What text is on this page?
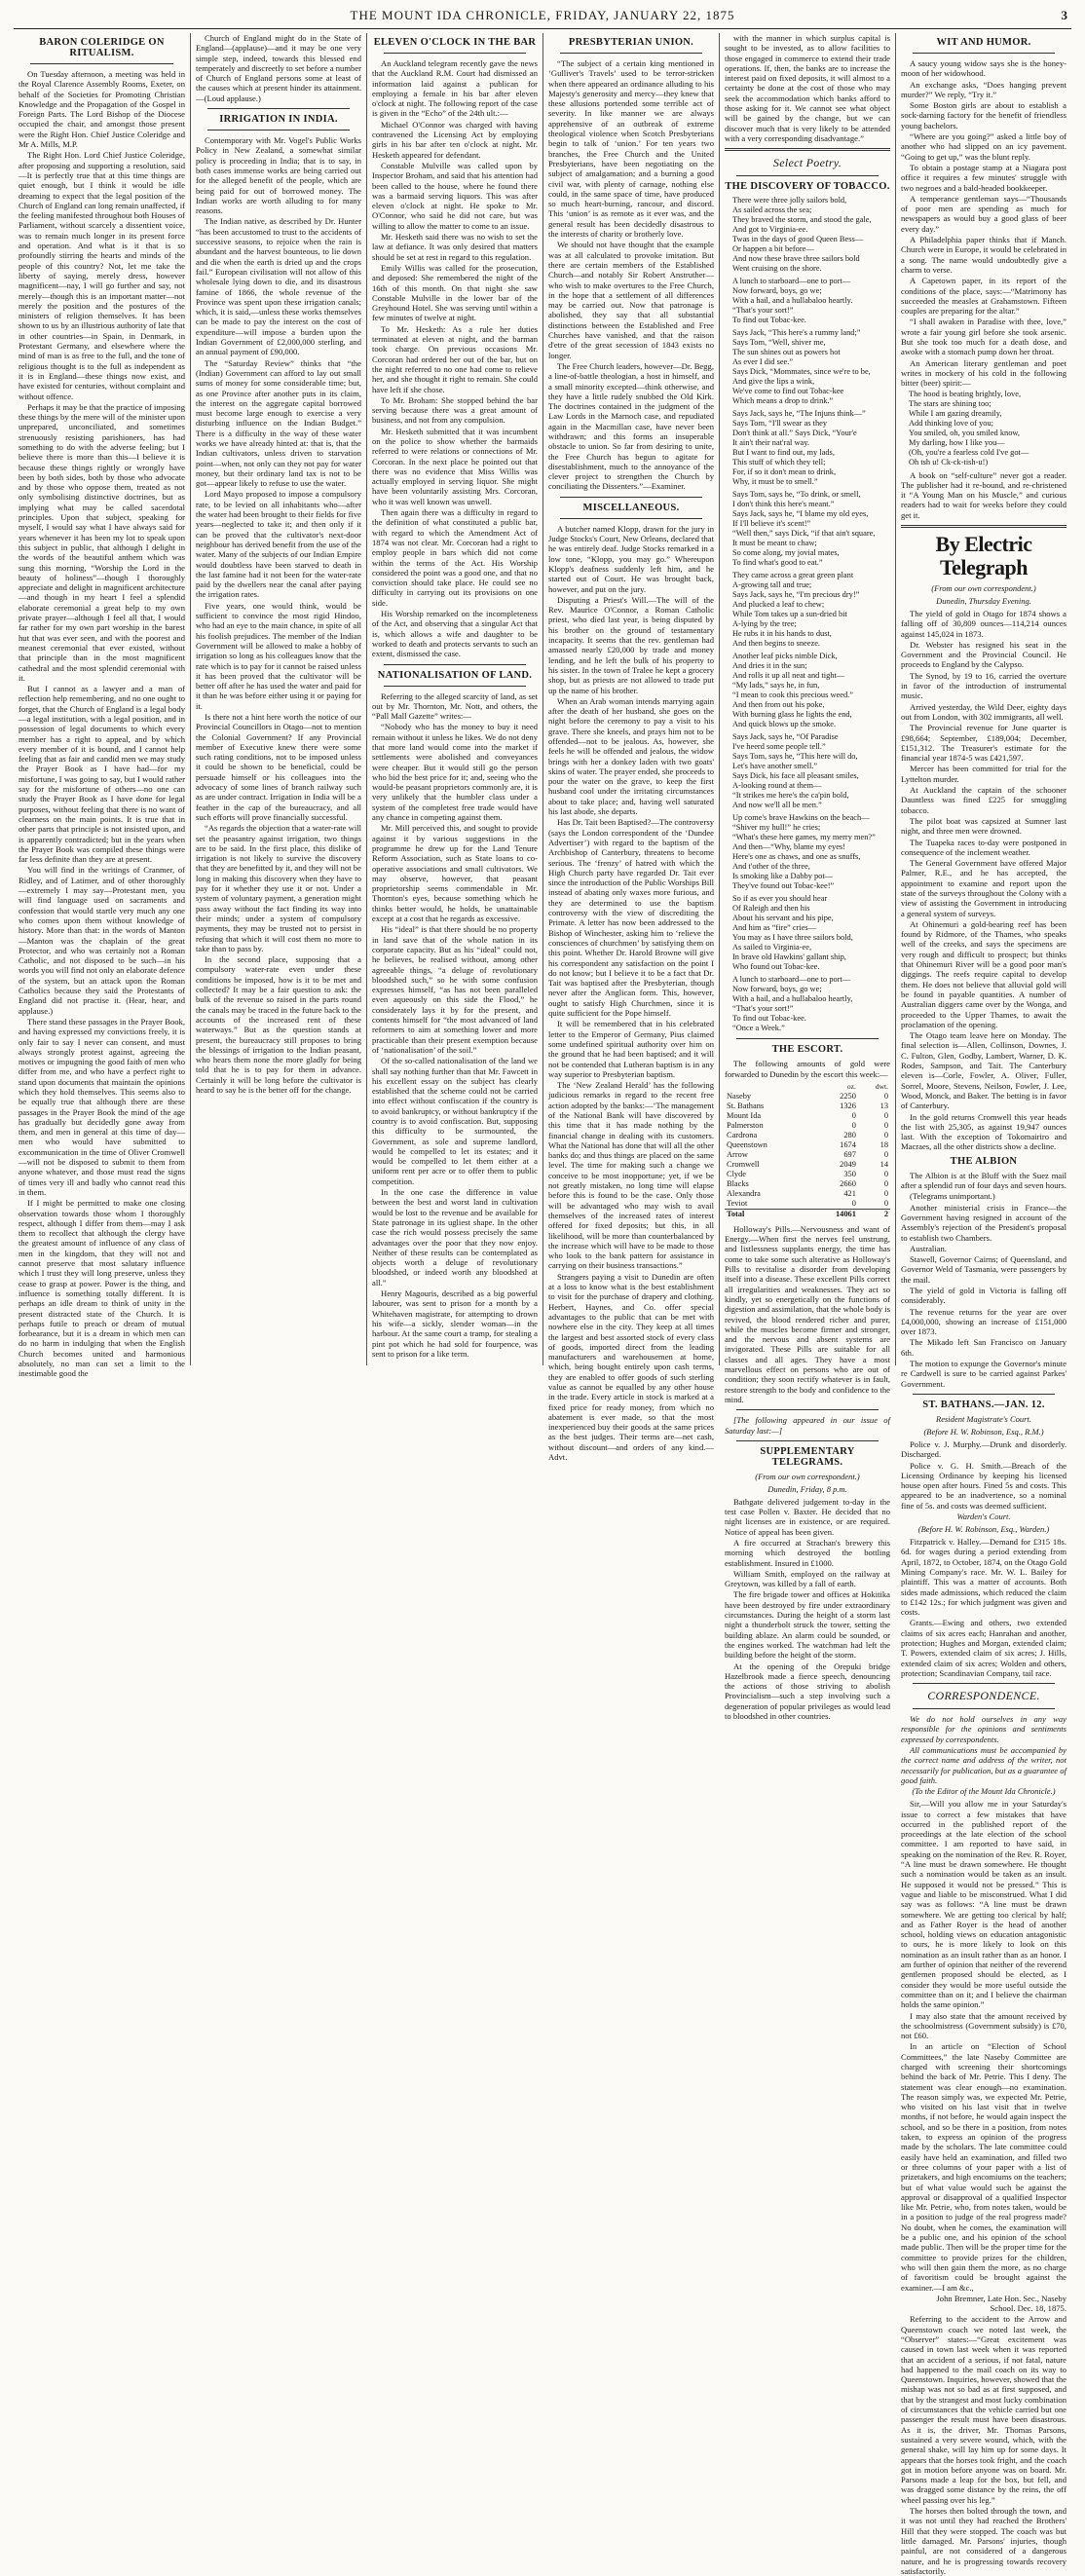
THE MOUNT IDA CHRONICLE, FRIDAY, JANUARY 22, 1875	3
BARON COLERIDGE ON RITUALISM.

On Tuesday afternoon, a meeting was held in the Royal Clarence Assembly Rooms, Exeter, on behalf of the Societies for Promoting Christian Knowledge and the Propagation of the Gospel in Foreign Parts. The Lord Bishop of the Diocese occupied the chair, and amongst those present were the Right Hon. Chief Justice Coleridge and Mr A. Mills, M.P.

The Right Hon. Lord Chief Justice Coleridge, after proposing and supporting a resolution, said—It is perfectly true that at this time things are quiet enough, but I think it would be idle dreaming to expect that the legal position of the Church of England can long remain unaffected, if the feeling manifested throughout both Houses of Parliament, without scarcely a dissentient voice, was to remain much longer in its present force and operation. And what is it that is so profoundly stirring the hearts and minds of the people of this country? Not, let me take the liberty of saying, merely dress, however magnificent—nay, I will go further and say, not merely—though this is an important matter—not merely the position and the postures of the ministers of religion themselves. It has been shown to us by an illustrious authority of late that in other countries—in Spain, in Denmark, in Protestant Germany, and elsewhere where the mind of man is as free to the full, and the tone of religious thought is to the full as independent as it is in England—these things now exist, and have existed for centuries, without complaint and without offence.

Perhaps it may be that the practice of imposing these things by the mere will of the minister upon unprepared, unconciliated, and sometimes strenuously resisting parishioners, has had something to do with the adverse feeling; but I believe there is more than this—I believe it is because these things rightly or wrongly have been by both sides, both by those who advocate and by those who oppose them, treated as not only symbolising distinctive doctrines, but as implying what may be called sacerdotal principles. Upon that subject, speaking for myself, I would say what I have always said for years whenever it has been my lot to speak upon this subject in public, that although I delight in the words of the beautiful anthem which was sung this morning, “Worship the Lord in the beauty of holiness”—though I thoroughly appreciate and delight in magnificent architecture—and though in my heart I feel a splendid elaborate ceremonial a great help to my own private prayer—although I feel all that, I would far rather for my own part worship in the barest hut that was ever seen, and with the poorest and meanest ceremonial that ever existed, without that principle than in the most magnificent cathedral and the most splendid ceremonial with it.

But I cannot as a lawyer and a man of reflection help remembering, and no one ought to forget, that the Church of England is a legal body—a legal institution, with a legal position, and in possession of legal documents to which every member has a right to appeal, and by which every member of it is bound, and I cannot help feeling that as fair and candid men we may study the Prayer Book as I have had—for my misfortune, I was going to say, but I would rather say for the misfortune of others—no one can study the Prayer Book as I have done for legal purposes, without feeling that there is no want of clearness on the main points. It is true that in other parts that principle is not insisted upon, and is apparently contradicted; but in the years when the Prayer Book was compiled these things were far less definite than they are at present.

You will find in the writings of Cranmer, of Ridley, and of Latimer, and of other thoroughly—extremely I may say—Protestant men, you will find language used on sacraments and confession that would startle very much any one who comes upon them without knowledge of history. More than that: in the words of Manton—Manton was the chaplain of the great Protector, and who was certainly not a Roman Catholic, and not disposed to be such—in his words you will find not only an elaborate defence of the system, but an attack upon the Roman Catholics because they said the Protestants of England did not practise it. (Hear, hear, and applause.)

There stand these passages in the Prayer Book, and having expressed my convictions freely, it is only fair to say I never can consent, and must always strongly protest against, agreeing the motives or impugning the good faith of men who differ from me, and who have a perfect right to stand upon documents that maintain the opinions which they hold themselves. This seems also to be equally true that although there are these passages in the Prayer Book the mind of the age has gradually but decidedly gone away from them, and men in general at this time of day—men who would have submitted to excommunication in the time of Oliver Cromwell—will not be disposed to submit to them from anyone whatever, and those must read the signs of times very ill and badly who cannot read this in them.

If I might be permitted to make one closing observation towards those whom I thoroughly respect, although I differ from them—may I ask them to recollect that although the clergy have the greatest amount of influence of any class of men in the kingdom, that they will not and cannot preserve that most salutary influence which I trust they will long preserve, unless they cease to grasp at power. Power is the thing, and influence is something totally different. It is perhaps an idle dream to think of unity in the present distracted state of the Church. It is perhaps futile to preach or dream of mutual forbearance, but it is a dream in which men can do no harm in indulging that when the English Church becomes united and harmonious absolutely, no man can set a limit to the inestimable good the

Church of England might do in the State of England—(applause)—and it may be one very simple step, indeed, towards this blessed end temperately and discreetly to set before a number of Church of England persons some at least of the causes which at present hinder its attainment.—(Loud applause.)

IRRIGATION IN INDIA.

Contemporary with Mr. Vogel's Public Works Policy in New Zealand, a somewhat similar policy is proceeding in India; that is to say, in both cases immense works are being carried out for the alleged benefit of the people, which are being paid for out of borrowed money. The Indian works are worth alluding to for many reasons.

The Indian native, as described by Dr. Hunter “has been accustomed to trust to the accidents of successive seasons, to rejoice when the rain is abundant and the harvest bounteous, to lie down and die when the earth is dried up and the crops fail.” European civilisation will not allow of this wholesale lying down to die, and its disastrous famine of 1866, the whole revenue of the Province was spent upon these irrigation canals; which, it is said,—unless these works themselves can be made to pay the interest on the cost of expenditure—will impose a burden upon the Indian Government of £2,000,000 sterling, and an annual payment of £90,000.

The “Saturday Review” thinks that “the (Indian) Government can afford to lay out small sums of money for some considerable time; but, as one Province after another puts in its claim, the interest on the aggregate capital borrowed must become large enough to exercise a very disturbing influence on the Indian Budget.” There is a difficulty in the way of these water works we have already hinted at: that is, that the Indian cultivators, unless driven to starvation point—when, not only can they not pay for water money, but their ordinary land tax is not to be got—appear likely to refuse to use the water.

Lord Mayo proposed to impose a compulsory rate, to be levied on all inhabitants who—after the water had been brought to their fields for five years—neglected to take it; and then only if it can be proved that the cultivator's next-door neighbour has derived benefit from the use of the water. Many of the subjects of our Indian Empire would doubtless have been starved to death in the last famine had it not been for the water-rate paid by the dwellers near the canal after paying the irrigation rates.

Five years, one would think, would be sufficient to convince the most rigid Hindoo, who had an eye to the main chance, in spite of all his foolish prejudices. The member of the Indian Government will be allowed to make a hobby of irrigation so long as his colleagues know that the rate which is to pay for it cannot be raised unless it has been proved that the cultivator will be better off after he has used the water and paid for it than he was before either using it or paying for it.

Is there not a hint here worth the notice of our Provincial Councillors in Otago—not to mention the Colonial Government? If any Provincial member of Executive knew there were some such rating conditions, not to be imposed unless it could be shown to be beneficial, could be persuade himself or his colleagues into the advocacy of some lines of branch railway such as are under contract. Irrigation in India will be a feather in the cap of the bureaucracy, and all such efforts will prove financially successful.

“As regards the objection that a water-rate will set the peasantry against irrigation, two things are to be said. In the first place, this dislike of irrigation is not likely to survive the discovery that they are benefitted by it, and they will not be long in making this discovery when they have to pay for it whether they use it or not. Under a system of voluntary payment, a generation might pass away without the fact finding its way into their minds; under a system of compulsory payments, they may be trusted not to persist in refusing that which it will cost them no more to take than to pass by.

In the second place, supposing that a compulsory water-rate even under these conditions be imposed, how is it to be met and collected? It may be a fair question to ask: the bulk of the revenue so raised in the parts round the canals may be traced in the future back to the accounts of the increased rent of these waterways.” But as the question stands at present, the bureaucracy still proposes to bring the blessings of irrigation to the Indian peasant, who hears them none the more gladly for being told that he is to pay for them in advance. Certainly it will be long before the cultivator is heard to say he is the better off for the change.

ELEVEN O'CLOCK IN THE BAR

An Auckland telegram recently gave the news that the Auckland R.M. Court had dismissed an information laid against a publican for employing a female in his bar after eleven o'clock at night. The following report of the case is given in the “Echo” of the 24th ult.:—

Michael O'Connor was charged with having contravened the Licensing Act by employing girls in his bar after ten o'clock at night. Mr. Hesketh appeared for defendant.

Constable Mulville was called upon by Inspector Broham, and said that his attention had been called to the house, where he found there was a barmaid serving liquors. This was after eleven o'clock at night. He spoke to Mr. O'Connor, who said he did not care, but was willing to allow the matter to come to an issue.

Mr. Hesketh said there was no wish to set the law at defiance. It was only desired that matters should be set at rest in regard to this regulation.

Emily Willis was called for the prosecution, and deposed: She remembered the night of the 16th of this month. On that night she saw Constable Mulville in the lower bar of the Greyhound Hotel. She was serving until within a few minutes of twelve at night.

To Mr. Hesketh: As a rule her duties terminated at eleven at night, and the barman took charge. On previous occasions Mr. Corcoran had ordered her out of the bar, but on the night referred to no one had come to relieve her, and she thought it right to remain. She could have left if she chose.

To Mr. Broham: She stopped behind the bar serving because there was a great amount of business, and not from any compulsion.

Mr. Hesketh submitted that it was incumbent on the police to show whether the barmaids referred to were relations or connections of Mr. Corcoran. In the next place he pointed out that there was no evidence that Miss Willis was actually employed in serving liquor. She might have been voluntarily assisting Mrs. Corcoran, who it was well known was unwell.

Then again there was a difficulty in regard to the definition of what constituted a public bar, with regard to which the Amendment Act of 1874 was not clear. Mr. Corcoran had a right to employ people in bars which did not come within the terms of the Act. His Worship considered the point was a good one, and that no conviction should take place. He could see no difficulty in carrying out its provisions on one side.

His Worship remarked on the incompleteness of the Act, and observing that a singular Act that is, which allows a wife and daughter to be worked to death and protects servants to such an extent, dismissed the case.

NATIONALISATION OF LAND.

Referring to the alleged scarcity of land, as set out by Mr. Thornton, Mr. Nott, and others, the “Pall Mall Gazette” writes:—

“Nobody who has the money to buy it need remain without it unless he likes. We do not deny that more land would come into the market if settlements were abolished and conveyances were cheaper. But it would still go the person who bid the best price for it; and, seeing who the would-be peasant proprietors commonly are, it is very unlikely that the humbler class under a system of the completest free trade would have any chance in competing against them.

Mr. Mill perceived this, and sought to provide against it by various suggestions in the programme he drew up for the Land Tenure Reform Association, such as State loans to co-operative associations and small cultivators. We may observe, however, that peasant proprietorship seems commendable in Mr. Thornton's eyes, because something which he thinks better would, he holds, be unattainable except at a cost that he regards as excessive.

His “ideal” is that there should be no property in land save that of the whole nation in its corporate capacity. But as his “ideal” could not, he believes, be realised without, among other agreeable things, “a deluge of revolutionary bloodshed such,” so he with some confusion expresses himself, “as has not been paralleled even aqueously on this side the Flood,” he considerately lays it by for the present, and contents himself for “the most advanced of land reformers to aim at something lower and more practicable than their present exemption because of ‘nationalisation’ of the soil.”

Of the so-called nationalisation of the land we shall say nothing further than that Mr. Fawcett in his excellent essay on the subject has clearly established that the scheme could not be carried into effect without confiscation if the country is to avoid bankruptcy, or without bankruptcy if the country is to avoid confiscation. But, supposing this difficulty to be surmounted, the Government, as sole and supreme landlord, would be compelled to let its estates; and it would be compelled to let them either at a uniform rent per acre or to offer them to public competition.

In the one case the difference in value between the best and worst land in cultivation would be lost to the revenue and be available for State patronage in its ugliest shape. In the other case the rich would possess precisely the same advantages over the poor that they now enjoy. Neither of these results can be contemplated as objects worth a deluge of revolutionary bloodshed, or indeed worth any bloodshed at all.”

Henry Magouris, described as a big powerful labourer, was sent to prison for a month by a Whitehaven magistrate, for attempting to drown his wife—a sickly, slender woman—in the harbour. At the same court a tramp, for stealing a pint pot which he had sold for fourpence, was sent to prison for a like term.

PRESBYTERIAN UNION.

“The subject of a certain king mentioned in ‘Gulliver's Travels’ used to be terror-stricken when there appeared an ordinance alluding to his Majesty's generosity and mercy—they knew that these allusions portended some terrible act of severity. In like manner we are always apprehensive of an outbreak of extreme theological violence when Scotch Presbyterians begin to talk of ‘union.’ For ten years two branches, the Free Church and the United Presbyterians, have been negotiating on the subject of amalgamation; and a burning a good civil war, with plenty of carnage, nothing else could, in the same space of time, have produced so much heart-burning, rancour, and discord. This ‘union’ is as remote as it ever was, and the general result has been decidedly disastrous to the interests of charity or brotherly love.

We should not have thought that the example was at all calculated to provoke imitation. But there are certain members of the Established Church—and notably Sir Robert Anstruther—who wish to make overtures to the Free Church, in the hope that a settlement of all differences may be carried out. Now that patronage is abolished, they say that all substantial distinctions between the Established and Free Churches have vanished, and that the raison d'etre of the great secession of 1843 exists no longer.

The Free Church leaders, however—Dr. Begg, a line-of-battle theologian, a host in himself, and a small minority excepted—think otherwise, and they have a little rudely snubbed the Old Kirk. The doctrines contained in the judgment of the Law Lords in the Marnoch case, and repudiated again in the Macmillan case, have never been withdrawn; and this forms an insuperable obstacle to union. So far from desiring to unite, the Free Church has begun to agitate for disestablishment, much to the annoyance of the clever project to strengthen the Church by conciliating the Dissenters.”—Examiner.

MISCELLANEOUS.

A butcher named Klopp, drawn for the jury in Judge Stocks's Court, New Orleans, declared that he was entirely deaf. Judge Stocks remarked in a low tone, “Klopp, you may go.” Whereupon Klopp's deafness suddenly left him, and he started out of Court. He was brought back, however, and put on the jury.

Disputing a Priest's Will.—The will of the Rev. Maurice O'Connor, a Roman Catholic priest, who died last year, is being disputed by his brother on the ground of testamentary incapacity. It seems that the rev. gentleman had amassed nearly £20,000 by trade and money lending, and he left the bulk of his property to his sister. In the town of Tralee he kept a grocery shop, but as priests are not allowed to trade put up the name of his brother.

When an Arab woman intends marrying again after the death of her husband, she goes on the night before the ceremony to pay a visit to his grave. There she kneels, and prays him not to be offended—not to be jealous. As, however, she feels he will be offended and jealous, the widow brings with her a donkey laden with two goats' skins of water. The prayer ended, she proceeds to pour the water on the grave, to keep the first husband cool under the irritating circumstances about to take place; and, having well saturated his last abode, she departs.

Has Dr. Tait been Baptised?—The controversy (says the London correspondent of the ‘Dundee Advertiser’) with regard to the baptism of the Archbishop of Canterbury, threatens to become serious. The ‘frenzy’ of hatred with which the High Church party have regarded Dr. Tait ever since the introduction of the Public Worships Bill instead of abating only waxes more furious, and they are determined to use the baptism controversy with the view of discrediting the Primate. A letter has now been addressed to the Bishop of Winchester, asking him to ‘relieve the consciences of churchmen’ by satisfying them on this point. Whether Dr. Harold Browne will give his correspondent any satisfaction on the point I do not know; but I believe it to be a fact that Dr. Tait was baptised after the Presbyterian, though never after the Anglican form. This, however, ought to satisfy High Churchmen, since it is quite sufficient for the Pope himself.

It will be remembered that in his celebrated letter to the Emperor of Germany, Pius claimed some undefined spiritual authority over him on the ground that he had been baptised; and it will not be contended that Lutheran baptism is in any way superior to Presbyterian baptism.

The ‘New Zealand Herald’ has the following judicious remarks in regard to the recent free action adopted by the banks:—‘The management of the National Bank will have discovered by this time that it has made nothing by the financial change in dealing with its customers. What the National has done that will all the other banks do; and thus things are placed on the same level. The time for making such a change we conceive to be most inopportune; yet, if we be not greatly mistaken, no long time will elapse before this is found to be the case. Only those will be advantaged who may wish to avail themselves of the increased rates of interest offered for fixed deposits; but this, in all likelihood, will be more than counterbalanced by the increase which will have to be made to those who look to the bank pattern for assistance in carrying on their business transactions.”

Strangers paying a visit to Dunedin are often at a loss to know what is the best establishment to visit for the purchase of drapery and clothing. Herbert, Haynes, and Co. offer special advantages to the public that can be met with nowhere else in the city. They keep at all times the largest and best assorted stock of every class of goods, imported direct from the leading manufacturers and warehousemen at home, which, being bought entirely upon cash terms, they are enabled to offer goods of such sterling value as cannot be equalled by any other house in the trade. Every article in stock is marked at a fixed price for ready money, from which no abatement is ever made, so that the most inexperienced buy their goods at the same prices as the best judges. Their terms are—net cash, without discount—and orders of any kind.—Advt.

with the manner in which surplus capital is sought to be invested, as to allow facilities to those engaged in commerce to extend their trade operations. If, then, the banks are to increase the interest paid on fixed deposits, it will almost to a certainty be done at the cost of those who may seek the accommodation which banks afford to those asking for it. We cannot see what object will be gained by the change, but we can discover much that is very likely to be attended with a very corresponding disadvantage.”

Select Poetry.
THE DISCOVERY OF TOBACCO.

There were three jolly sailors bold,
As sailed across the sea;
They braved the storm, and stood the gale,
And got to Virginia-ee.
Twas in the days of good Queen Bess—
Or happen a bit before—
And now these brave three sailors bold
Went cruising on the shore.

A lunch to starboard—one to port—
Now forward, boys, go we;
With a hail, and a hullabaloo heartly.
“That's your sort!”
To find out Tobac-kee.

Says Jack, “This here's a rummy land;”
Says Tom, “Well, shiver me,
The sun shines out as powers hot
As ever I did see.”
Says Dick, “Mommates, since we're to be,
And give the lips a wink,
We've come to find out Tobac-kee
Which means a drop to drink.”

Says Jack, says he, “The Injuns think—”
Says Tom, “I'll swear as they
Don't think at all.” Says Dick, “Your'e
It ain't their nat'ral way.
But I want to find out, my lads,
This stuff of which they tell;
For, if so it don't mean to drink,
Why, it must be to smell.”

Says Tom, says he, “To drink, or smell,
I don't think this here's meant.”
Says Jack, says he, “I blame my old eyes,
If I'll believe it's scent!”
“Well then,” says Dick, “if that ain't square,
It must be meant to chaw;
So come along, my jovial mates,
To find what's good to eat.”

They came across a great green plant
A-growing tall and true;
Says Jack, says he, “I'm precious dry!”
And plucked a leaf to chew;
While Tom takes up a sun-dried bit
A-lying by the tree;
He rubs it in his hands to dust,
And then begins to sneeze.

Another leaf picks nimble Dick,
And dries it in the sun;
And rolls it up all neat and tight—
“My lads,” says he, in fun,
“I mean to cook this precious weed.”
And then from out his poke,
With burning glass he lights the end,
And quick blows up the smoke.

Says Jack, says he, “Of Paradise
I've heerd some people tell.”
Says Tom, says he, “This here will do,
Let's have another smell.”
Says Dick, his face all pleasant smiles,
A-looking round at them—
“It strikes me here's the ca'pin bold,
And now we'll all be men.”

Up come's brave Hawkins on the beach—
“Shiver my hull!” he cries;
“What's these here games, my merry men?”
And then—“Why, blame my eyes!
Here's one as chaws, and one as snuffs,
And t'other of the three,
Is smoking like a Dabby pot—
They've found out Tobac-kee!”

So if as ever you should hear
Of Raleigh and then his
About his servant and his pipe,
And him as “fire” cries—
You may as I have three sailors bold,
As sailed to Virginia-ee,
In brave old Hawkins' gallant ship,
Who found out Tobac-kee.

A lunch to starboard—one to port—
Now forward, boys, go we;
With a hail, and a hullabaloo heartly,
“That's your sort!”
To find out Tobac-kee.
“Once a Week.”

THE ESCORT.

The following amounts of gold were forwarded to Dunedin by the escort this week:—

	oz.	dwt.
Naseby	2250	0
St. Bathans	1326	13
Mount Ida	0	0
Palmerston	0	0
Cardrona	280	0
Queenstown	1674	18
Arrow	697	0
Cromwell	2049	14
Clyde	350	0
Blacks	2660	0
Alexandra	421	0
Teviot	0	0
Total	14061	2

Holloway's Pills.—Nervousness and want of Energy.—When first the nerves feel unstrung, and listlessness supplants energy, the time has come to take some such alterative as Holloway's Pills to revitalise a disorder from developing itself into a disease. These excellent Pills correct all irregularities and weaknesses. They act so kindly, yet so energetically on the functions of digestion and assimilation, that the whole body is revived, the blood rendered richer and purer, while the muscles become firmer and stronger, and the nervous and absent systems are invigorated. These Pills are suitable for all classes and all ages. They have a most marvellous effect on persons who are out of condition; they soon rectify whatever is in fault, restore strength to the body and confidence to the mind.

[The following appeared in our issue of Saturday last:—]

SUPPLEMENTARY TELEGRAMS.
(From our own correspondent.)
Dunedin, Friday, 8 p.m.

Bathgate delivered judgement to-day in the test case Pollen v. Baxter. He decided that no night licenses are in existence, or are required. Notice of appeal has been given.

A fire occurred at Strachan's brewery this morning which destroyed the bottling establishment. Insured in £1000.

William Smith, employed on the railway at Greytown, was killed by a fall of earth.

The fire brigade tower and offices at Hokitika have been destroyed by fire under extraordinary circumstances. During the height of a storm last night a thunderbolt struck the tower, setting the building ablaze. An alarm could be sounded, or the engines worked. The watchman had left the building before the height of the storm.

At the opening of the Orepuki bridge Hazelbrook made a fierce speech, denouncing the actions of those striving to abolish Provincialism—such a step involving such a degeneration of popular privileges as would lead to bloodshed in other countries.

WIT AND HUMOR.

A saucy young widow says she is the honey-moon of her widowhood.

An exchange asks, “Does hanging prevent murder?” We reply, “Try it.”

Some Boston girls are about to establish a sock-darning factory for the benefit of friendless young bachelors.

“Where are you going?” asked a little boy of another who had slipped on an icy pavement. “Going to get up,” was the blunt reply.

To obtain a postage stamp at a Niagara post office it requires a few minutes' struggle with two negroes and a bald-headed bookkeeper.

A temperance gentleman says—“Thousands of poor men are spending as much for newspapers as would buy a good glass of beer every day.”

A Philadelphia paper thinks that if Manch. Church were in Europe, it would be celebrated in a song. The name would undoubtedly give a charm to verse.

A Capetown paper, in its report of the conditions of the place, says:—“Matrimony has succeeded the measles at Grahamstown. Fifteen couples are preparing for the altar.”

“I shall awaken in Paradise with thee, love,” wrote a fair young girl before she took arsenic. But she took too much for a death dose, and awoke with a stomach pump down her throat.

An American literary gentleman and poet writes in mockery of his cold in the following bitter (beer) spirit:—

The hood is beating brightly, love,
The stars are shining too;
While I am gazing dreamily,
Add thinking love of you;
You smiled, oh, you smiled know,
My darling, how I like you—
(Oh, you're a fearless cold I've got—
Oh tsh u! Ck-ck-tish-u!)

A book on “self-culture” never got a reader. The publisher had it re-bound, and re-christened it “A Young Man on his Muscle,” and curious readers had to wait for weeks before they could get it.

By Electric Telegraph
(From our own correspondent.)
Dunedin, Thursday Evening.

The yield of gold in Otago for 1874 shows a falling off of 30,809 ounces—114,214 ounces against 145,024 in 1873.

Dr. Webster has resigned his seat in the Government and the Provincial Council. He proceeds to England by the Calypso.

The Synod, by 19 to 16, carried the overture in favor of the introduction of instrumental music.

Arrived yesterday, the Wild Deer, eighty days out from London, with 302 immigrants, all well.

The Provincial revenue for June quarter is £98,664; September, £189,004; December, £151,312. The Treasurer's estimate for the financial year 1874-5 was £421,597.

Mercer has been committed for trial for the Lyttelton murder.

At Auckland the captain of the schooner Dauntless was fined £225 for smuggling tobacco.

The pilot boat was capsized at Sumner last night, and three men were drowned.

The Tuapeka races to-day were postponed in consequence of the inclement weather.

The General Government have offered Major Palmer, R.E., and he has accepted, the appointment to examine and report upon the state of the surveys throughout the Colony with a view of assisting the Government in introducing a general system of surveys.

At Ohinemuri a gold-bearing reef has been found by Ridmore, of the Thames, who speaks well of the creeks, and says the specimens are very rough and difficult to prospect; but thinks that Ohinemuri River will be a good poor man's diggings. The reefs require capital to develop them. He does not believe that alluvial gold will be found in payable quantities. A number of Australian diggers came over by the Wonga, and proceeded to the Upper Thames, to await the proclamation of the opening.

The Otago team leave here on Monday. The final selection is—Allen, Collinson, Downes, J. C. Fulton, Glen, Godby, Lambert, Warner, D. K. Rodes, Sampson, and Tait. The Canterbury eleven is—Corle, Fowler, A. Oliver, Fuller, Sorrel, Moore, Stevens, Neilson, Fowler, J. Lee, Wood, Monck, and Baker. The betting is in favor of Canterbury.

In the gold returns Cromwell this year heads the list with 25,305, as against 19,947 ounces last. With the exception of Tokomairiro and Macraes, all the other districts show a decline.

THE ALBION

The Albion is at the Bluff with the Suez mail after a splendid run of four days and seven hours.

(Telegrams unimportant.)

Another ministerial crisis in France—the Government having resigned in account of the Assembly's rejection of the President's proposal to establish two Chambers.

Australian.

Stawell, Governor Cairns; of Queensland, and Governor Weld of Tasmania, were passengers by the mail.

The yield of gold in Victoria is falling off considerably.

The revenue returns for the year are over £4,000,000, showing an increase of £151,000 over 1873.

The Mikado left San Francisco on January 6th.

The motion to expunge the Governor's minute re Cardwell is sure to be carried against Parkes' Government.

ST. BATHANS.—JAN. 12.
Resident Magistrate's Court.
(Before H. W. Robinson, Esq., R.M.)

Police v. J. Murphy.—Drunk and disorderly. Discharged.

Police v. G. H. Smith.—Breach of the Licensing Ordinance by keeping his licensed house open after hours. Fined 5s and costs. This appeared to be an inadvertence, so a nominal fine of 5s. and costs was deemed sufficient.

Warden's Court.
(Before H. W. Robinson, Esq., Warden.)

Fitzpatrick v. Halley.—Demand for £315 18s. 6d. for wages during a period extending from April, 1872, to October, 1874, on the Otago Gold Mining Company's race. Mr. W. L. Bailey for plaintiff. This was a matter of accounts. Both sides made admissions, which reduced the claim to £142 12s.; for which judgment was given and costs.

Grants.—Ewing and others, two extended claims of six acres each; Hanrahan and another, protection; Hughes and Morgan, extended claim; T. Powers, extended claim of six acres; J. Hills, extended claim of six acres; Wolden and others, protection; Scandinavian Company, tail race.

CORRESPONDENCE.

We do not hold ourselves in any way responsible for the opinions and sentiments expressed by correspondents.

All communications must be accompanied by the correct name and address of the writer, not necessarily for publication, but as a guarantee of good faith.

(To the Editor of the Mount Ida Chronicle.)

Sir,—Will you allow me in your Saturday's issue to correct a few mistakes that have occurred in the published report of the proceedings at the late election of the school committee. I am reported to have said, in speaking on the nomination of the Rev. R. Royer, “A line must be drawn somewhere. He thought such a nomination would be taken as an insult. He supposed it would not be pressed.” This is vague and liable to be misconstrued. What I did say was as follows: “A line must be drawn somewhere. We are getting too clerical by half; and as Father Royer is the head of another school, holding views on education antagonistic to ours, he is more likely to look on this nomination as an insult rather than as an honor. I am further of opinion that neither of the reverend gentlemen proposed should be elected, as I consider they would be more useful outside the committee than on it; and I believe the chairman holds the same opinion.”

I may also state that the amount received by the schoolmistress (Government subsidy) is £70, not £60.

In an article on “Election of School Committees,” the late Naseby Committee are charged with screening their shortcomings behind the back of Mr. Petrie. This I deny. The statement was clear enough—no examination. The reason simply was, we expected Mr. Petrie, who visited on his last visit that in twelve months, if not before, he would again inspect the school, and so be there in a position, from notes taken, to express an opinion of the progress made by the scholars. The late committee could easily have held an examination, and filled two or three columns of your paper with a list of prizetakers, and high encomiums on the teachers; but of what value would such be against the approval or disapproval of a qualified Inspector like Mr. Petrie, who, from notes taken, would be in a position to judge of the real progress made? No doubt, when he comes, the examination will be a public one, and his opinion of the school made public. Then will be the proper time for the committee to provide prizes for the children, who will then gain them the more, as no charge of favoritism could be brought against the examiner.—I am &c.,

John Bremner, Late Hon. Sec., Naseby School. Dec. 18, 1875.

Referring to the accident to the Arrow and Queenstown coach we noted last week, the “Observer” states:—“Great excitement was caused in town last week when it was reported that an accident of a serious, if not fatal, nature had happened to the mail coach on its way to Queenstown. Inquiries, however, showed that the mishap was not so bad as at first supposed, and that by the strangest and most lucky combination of circumstances that the vehicle carried but one passenger the result must have been disastrous. As it is, the driver, Mr. Thomas Parsons, sustained a very severe wound, which, with the general shake, will lay him up for some days. It appears that the horses took fright, and the coach got in motion before anyone was on board. Mr. Parsons made a leap for the box, but fell, and was dragged some distance by the reins, the off wheel passing over his leg.”

The horses then bolted through the town, and it was not until they had reached the Brothers' Hill that they were stopped. The coach was but little damaged. Mr. Parsons' injuries, though painful, are not considered of a dangerous nature, and he is progressing towards recovery satisfactorily.
